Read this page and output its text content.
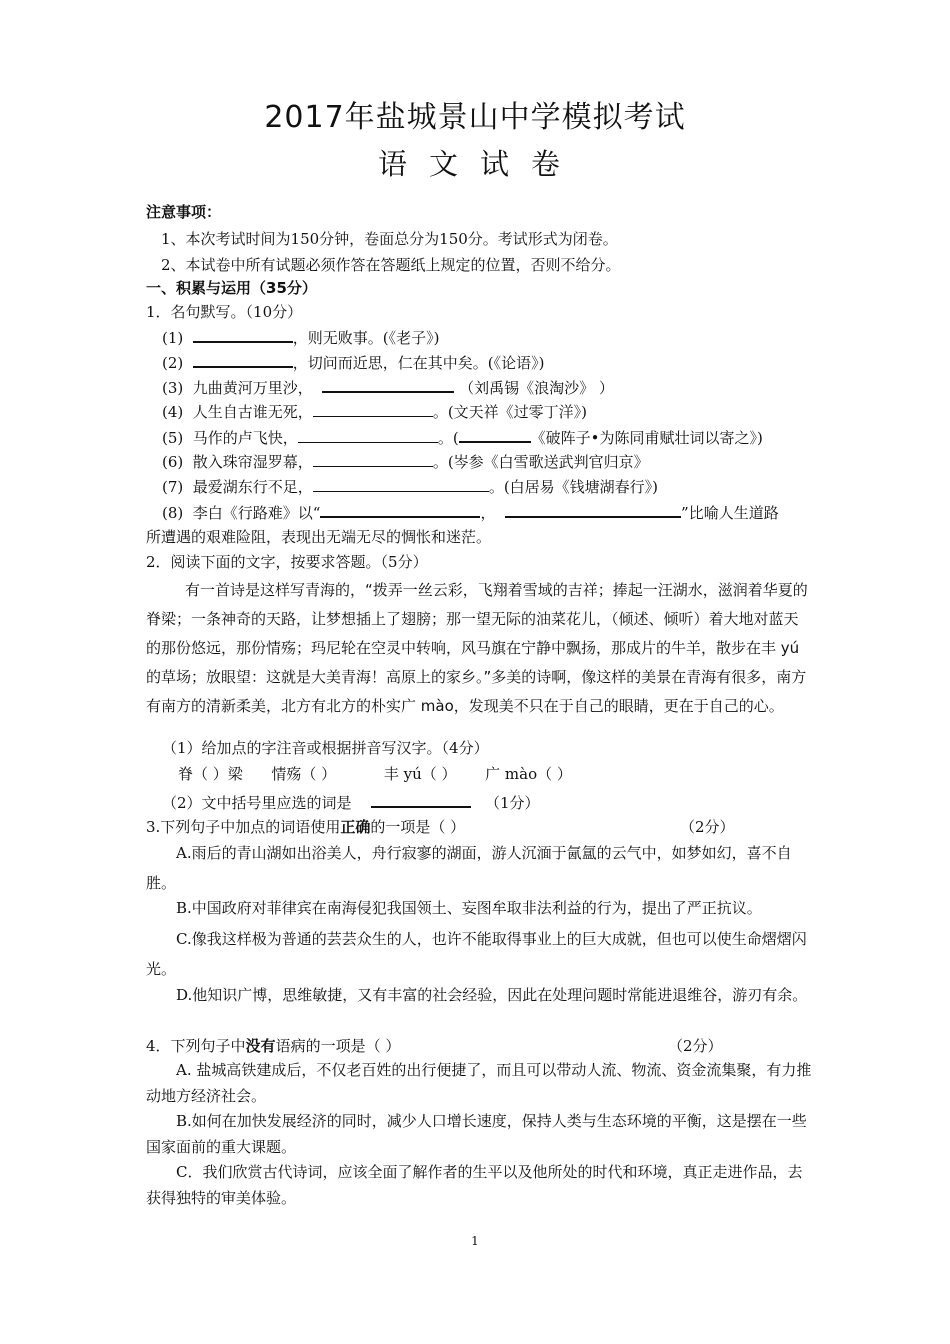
2017年盐城景山中学模拟考试
语文试卷
注意事项：
1、本次考试时间为150分钟，卷面总分为150分。考试形式为闭卷。
2、本试卷中所有试题必须作答在答题纸上规定的位置，否则不给分。
一、积累与运用（35分）
1．名句默写。（10分）
(1)	，则无败事。(《老子》)
(2)	，切问而近思，仁在其中矣。(《论语》)
(3) 九曲黄河万里沙，	（刘禹锡《浪淘沙》 ）
(4) 人生自古谁无死，	。(文天祥《过零丁洋》)
(5) 马作的卢飞快，	。(	《破阵子•为陈同甫赋壮词以寄之》)
(6) 散入珠帘湿罗幕，	。(岑参《白雪歌送武判官归京》
(7) 最爱湖东行不足，	。(白居易《钱塘湖春行》)
(8) 李白《行路难》以“	，	”比喻人生道路
所遭遇的艰难险阻，表现出无端无尽的惆怅和迷茫。
2．阅读下面的文字，按要求答题。（5分）
有一首诗是这样写青海的，“拨弄一丝云彩，飞翔着雪域的吉祥；捧起一汪湖水，滋润着华夏的脊梁；一条神奇的天路，让梦想插上了翅膀；那一望无际的油菜花儿，（倾述、倾听）着大地对蓝天的那份悠远，那份情殇；玛尼轮在空灵中转响，风马旗在宁静中飘扬，那成片的牛羊，散步在丰 yú的草场；放眼望：这就是大美青海！高原上的家乡。”多美的诗啊，像这样的美景在青海有很多，南方有南方的清新柔美，北方有北方的朴实广 mào，发现美不只在于自己的眼睛，更在于自己的心。
（1）给加点的字注音或根据拼音写汉字。（4分）
脊（ ）梁 情殇（ ）	丰 yú（ ） 广 mào（ ）
（2）文中括号里应选的词是	（1分）
3.下列句子中加点的词语使用正确的一项是（ ）	（2分）
A.雨后的青山湖如出浴美人，舟行寂寥的湖面，游人沉湎于氤氲的云气中，如梦如幻，喜不自胜。
B.中国政府对菲律宾在南海侵犯我国领土、妄图牟取非法利益的行为，提出了严正抗议。
C.像我这样极为普通的芸芸众生的人，也许不能取得事业上的巨大成就，但也可以使生命熠熠闪光。
D.他知识广博，思维敏捷，又有丰富的社会经验，因此在处理问题时常能进退维谷，游刃有余。
4．下列句子中没有语病的一项是（ ）	（2分）
A. 盐城高铁建成后，不仅老百姓的出行便捷了，而且可以带动人流、物流、资金流集聚，有力推动地方经济社会。
B.如何在加快发展经济的同时，减少人口增长速度，保持人类与生态环境的平衡，这是摆在一些国家面前的重大课题。
C．我们欣赏古代诗词，应该全面了解作者的生平以及他所处的时代和环境，真正走进作品，去获得独特的审美体验。
1
